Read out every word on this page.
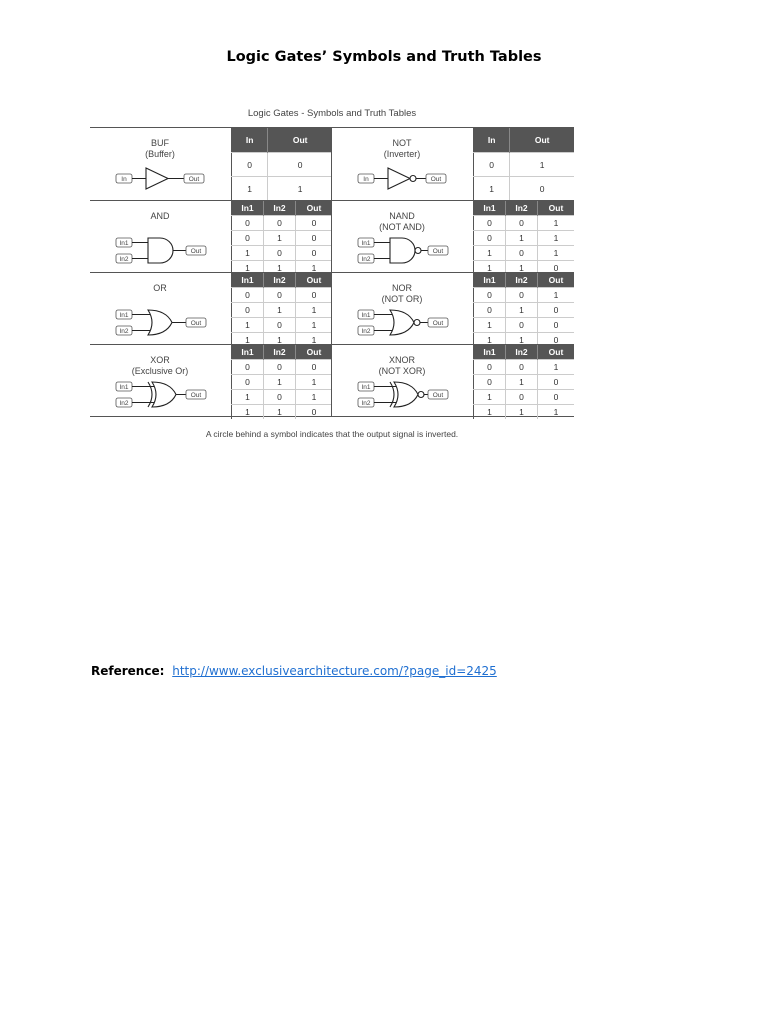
Logic Gates’ Symbols and Truth Tables
Logic Gates - Symbols and Truth Tables
BUF
(Buffer)
In	Out
In	Out
0	0
1	1
NOT
(Inverter)
In	Out
In	Out
0	1
1	0
AND
In1
In2
Out
In1	In2	Out
0	0	0
0	1	0
1	0	0
1	1	1
NAND
(NOT AND)
In1
In2
Out
In1	In2	Out
0	0	1
0	1	1
1	0	1
1	1	0
OR
In1
In2
Out
In1	In2	Out
0	0	0
0	1	1
1	0	1
1	1	1
NOR
(NOT OR)
In1
In2
Out
In1	In2	Out
0	0	1
0	1	0
1	0	0
1	1	0
XOR
(Exclusive Or)
In1
In2
Out
In1	In2	Out
0	0	0
0	1	1
1	0	1
1	1	0
XNOR
(NOT XOR)
In1
In2
Out
In1	In2	Out
0	0	1
0	1	0
1	0	0
1	1	1
A circle behind a symbol indicates that the output signal is inverted.
Reference: http://www.exclusivearchitecture.com/?page_id=2425
